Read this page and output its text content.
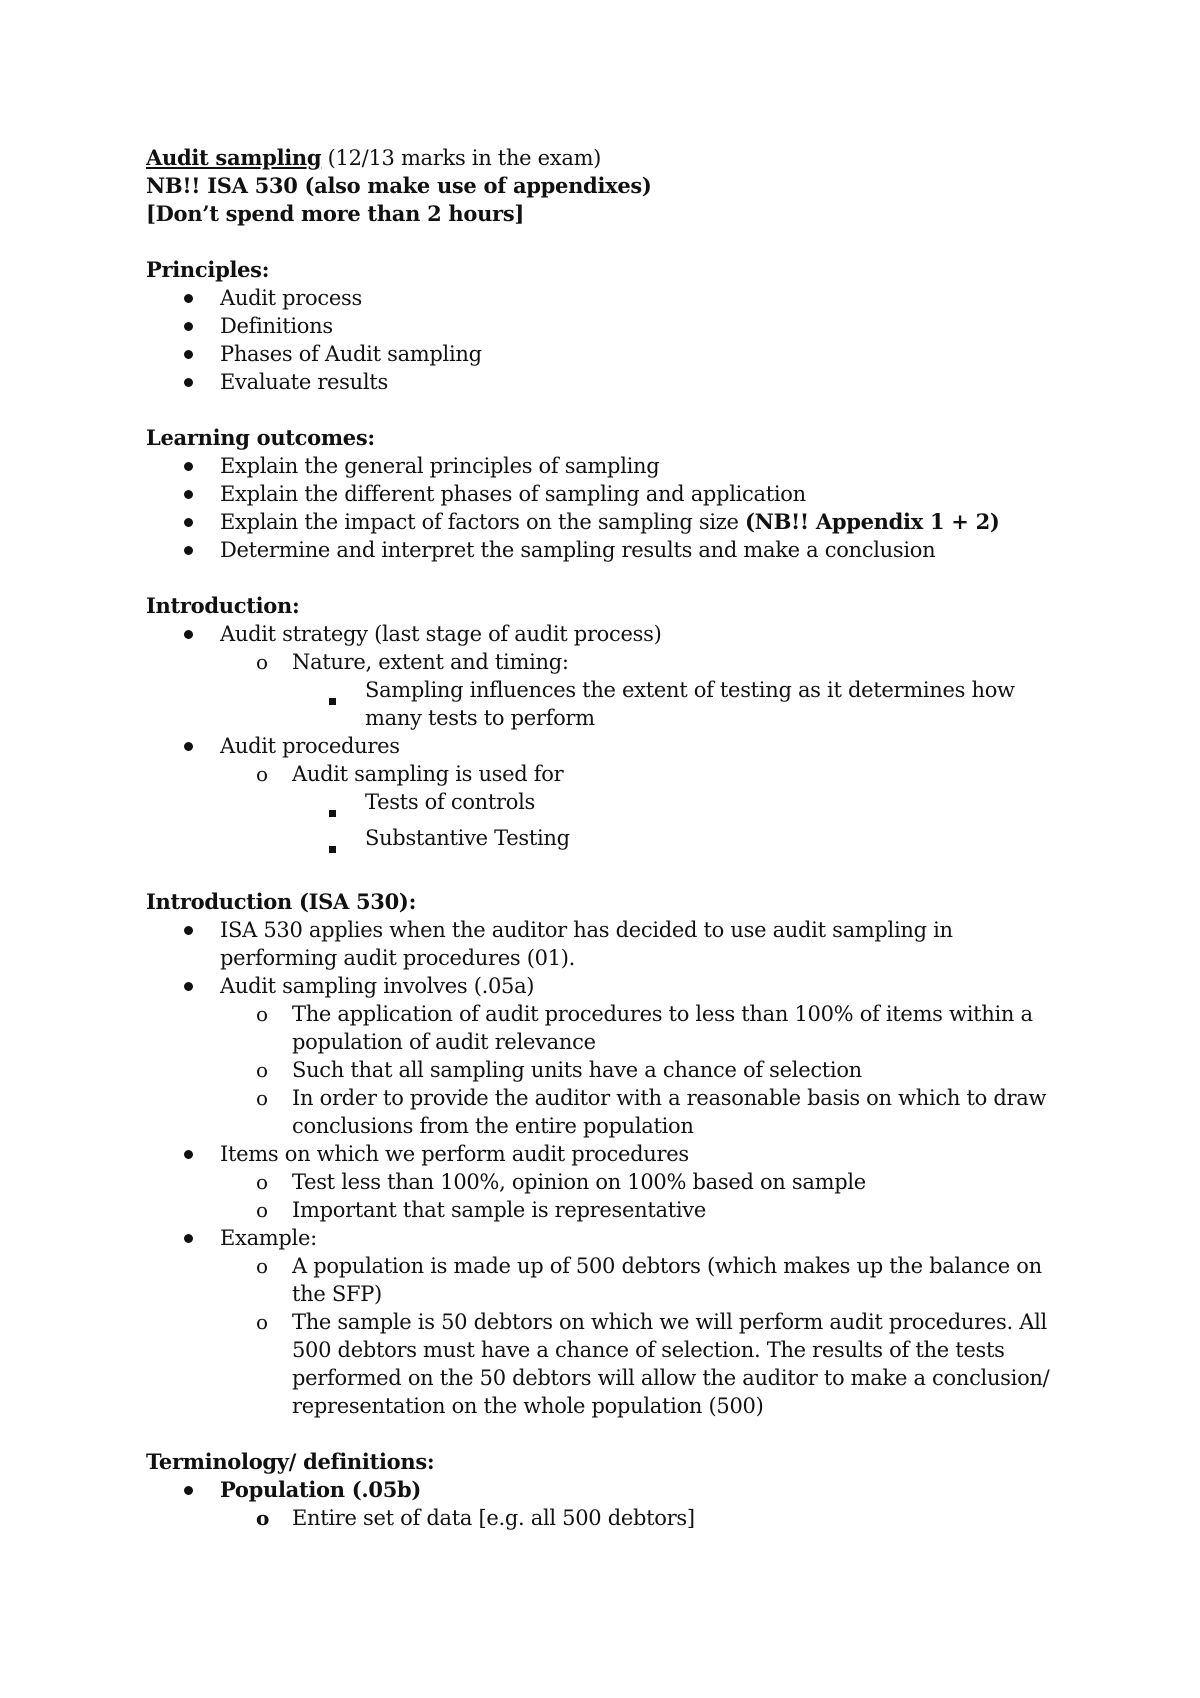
Audit sampling (12/13 marks in the exam)
NB!! ISA 530 (also make use of appendixes)
[Don’t spend more than 2 hours]
Principles:
Audit process
Definitions
Phases of Audit sampling
Evaluate results
Learning outcomes:
Explain the general principles of sampling
Explain the different phases of sampling and application
Explain the impact of factors on the sampling size (NB!! Appendix 1 + 2)
Determine and interpret the sampling results and make a conclusion
Introduction:
Audit strategy (last stage of audit process)
o	Nature, extent and timing:
Sampling influences the extent of testing as it determines how many tests to perform
Audit procedures
o	Audit sampling is used for
Tests of controls
Substantive Testing
Introduction (ISA 530):
ISA 530 applies when the auditor has decided to use audit sampling in performing audit procedures (01).
Audit sampling involves (.05a)
o	The application of audit procedures to less than 100% of items within a population of audit relevance
o	Such that all sampling units have a chance of selection
o	In order to provide the auditor with a reasonable basis on which to draw conclusions from the entire population
Items on which we perform audit procedures
o	Test less than 100%, opinion on 100% based on sample
o	Important that sample is representative
Example:
o	A population is made up of 500 debtors (which makes up the balance on the SFP)
o	The sample is 50 debtors on which we will perform audit procedures. All 500 debtors must have a chance of selection. The results of the tests performed on the 50 debtors will allow the auditor to make a conclusion/ representation on the whole population (500)
Terminology/ definitions:
Population (.05b)
o	Entire set of data [e.g. all 500 debtors]
